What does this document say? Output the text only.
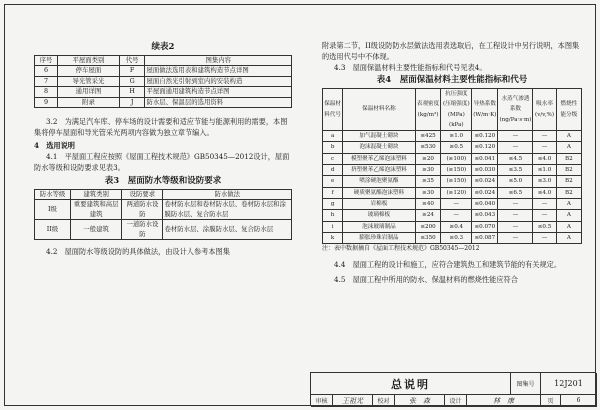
续表2
序号	平屋面类别	代号	图集内容
6	停车屋面	F	屋面做法选用表和建筑构造节点详图
7	导光管采光	G	屋面自然光引射到室内的安装构造
8	通用详图	H	平屋面通用建筑构造节点详图
9	附录	J	防水层、保温层的选用资料

3.2　为满足汽车库、停车场的设计需要和适应节能与能源利用的需要，本图集将停车屋面和导光管采光两项内容做为独立章节编入。

4　选用说明

4.1　平屋面工程应按照《屋面工程技术规范》GB50345—2012设计，屋面防水等级和设防要求见表3。

表3　屋面防水等级和设防要求
防水等级	建筑类别	设防要求	防水做法
I级	重要建筑和高层建筑	两道防水设防	卷材防水层和卷材防水层、卷材防水层和涂膜防水层、复合防水层
II级	一般建筑	一道防水设防	卷材防水层、涂膜防水层、复合防水层

4.2　屋面防水等级设防的具体做法，由设计人参考本图集

附录第二节，II级设防防水层做法选用表选取后，在工程设计中另行说明，本图集的选用代号中不体现。

4.3　屋面保温材料主要性能指标和代号见表4。

表4　屋面保温材料主要性能指标和代号
保温材料代号	保温材料名称	表观密度(kg/m³)	抗压强度(压缩强度)(MPa)(kPa)	导热系数(W/m·K)	水蒸气渗透系数(ng/Pa·s·m)	吸水率(v/v,%)	燃烧性能分级
a	加气混凝土砌块	≤425	≥1.0	≤0.120	—	—	A
b	泡沫混凝土砌块	≤530	≥0.5	≤0.120	—	—	A
c	模塑聚苯乙烯泡沫塑料	≥20	(≥100)	≤0.041	≤4.5	≤4.0	B2
d	挤塑聚苯乙烯泡沫塑料	≥30	(≥150)	≤0.030	≤3.5	≤1.0	B2
e	喷涂硬泡聚氨酯	≥35	(≥150)	≤0.024	≤5.0	≤3.0	B2
f	硬质聚氨酯泡沫塑料	≥30	(≥120)	≤0.024	≤6.5	≤4.0	B2
g	岩棉板	≥40	—	≤0.040	—	—	A
h	玻璃棉板	≥24	—	≤0.043	—	—	A
i	泡沫玻璃制品	≤200	≥0.4	≤0.070	—	≤0.5	A
k	膨胀珍珠岩制品	≤350	≥0.3	≤0.087	—	—	A

注：表中数据摘自《屋面工程技术规范》GB50345—2012

4.4　屋面工程的设计和施工，应符合建筑热工和建筑节能的有关规定。

4.5　屋面工程中所用的防水、保温材料的燃烧性能应符合

总说明	图集号	12J201
审核	王祖光	校对	张　森	设计	林　康	页	6
